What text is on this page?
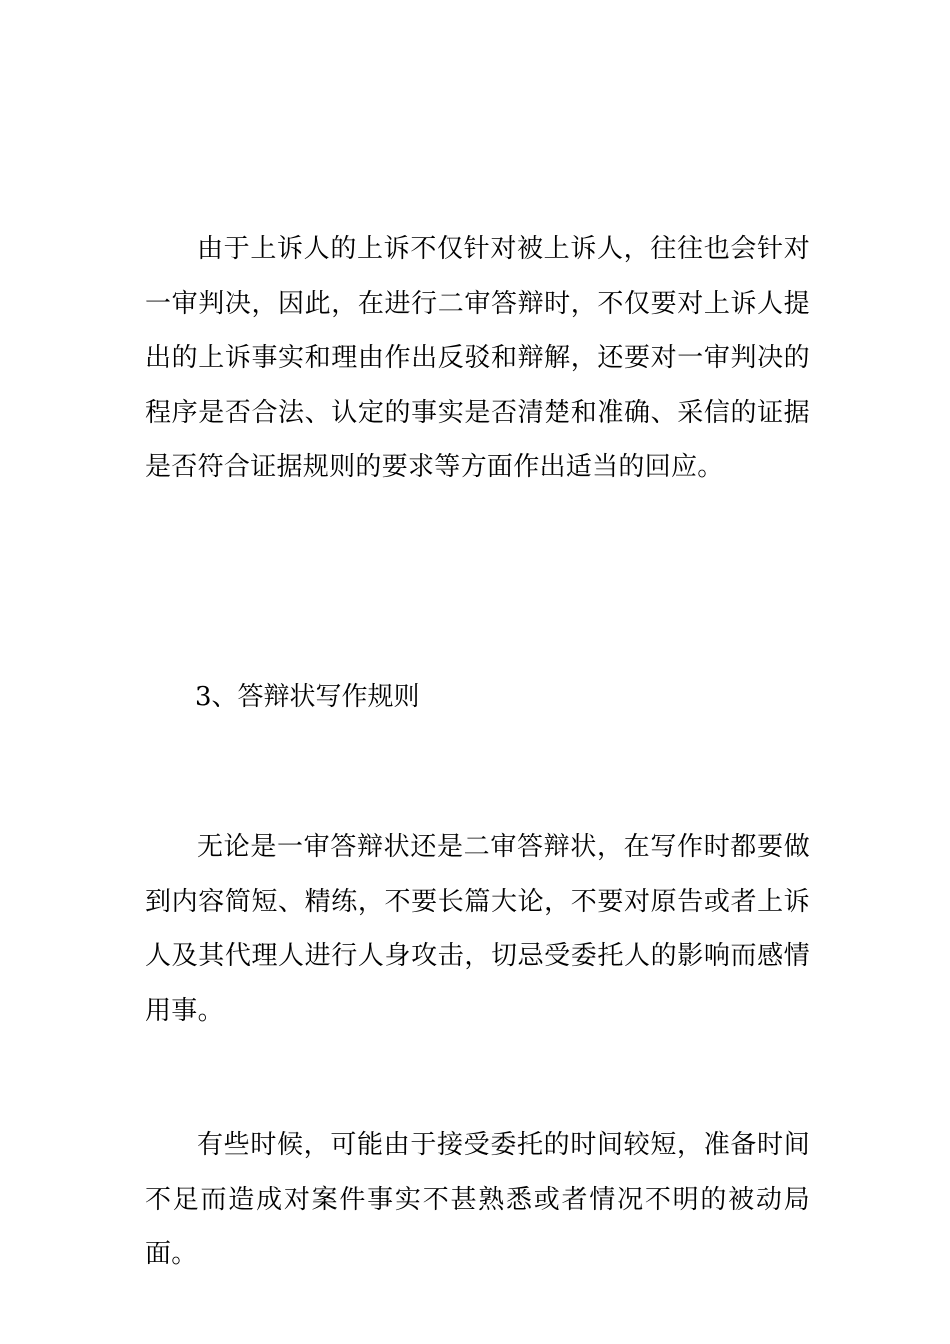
由于上诉人的上诉不仅针对被上诉人，往往也会针对一审判决，因此，在进行二审答辩时，不仅要对上诉人提出的上诉事实和理由作出反驳和辩解，还要对一审判决的程序是否合法、认定的事实是否清楚和准确、采信的证据是否符合证据规则的要求等方面作出适当的回应。

3、答辩状写作规则

无论是一审答辩状还是二审答辩状，在写作时都要做到内容简短、精练，不要长篇大论，不要对原告或者上诉人及其代理人进行人身攻击，切忌受委托人的影响而感情用事。

有些时候，可能由于接受委托的时间较短，准备时间不足而造成对案件事实不甚熟悉或者情况不明的被动局面。
